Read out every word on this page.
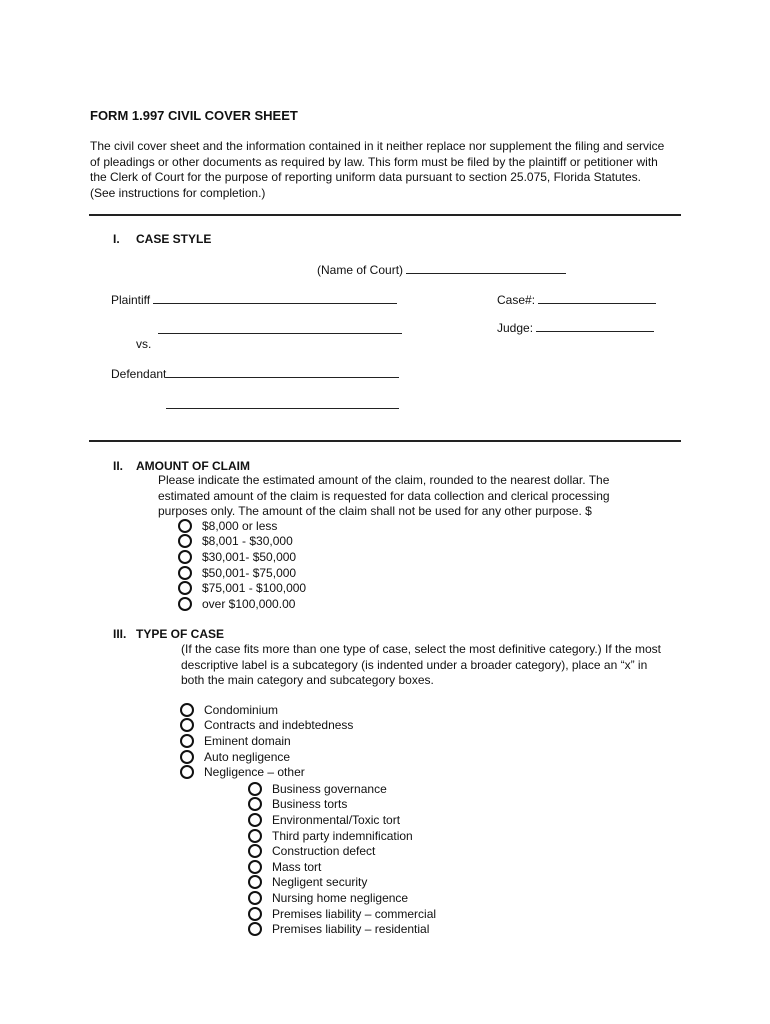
FORM 1.997 CIVIL COVER SHEET
The civil cover sheet and the information contained in it neither replace nor supplement the filing and service of pleadings or other documents as required by law. This form must be filed by the plaintiff or petitioner with the Clerk of Court for the purpose of reporting uniform data pursuant to section 25.075, Florida Statutes. (See instructions for completion.)
I. CASE STYLE
(Name of Court)
Plaintiff	Case#:
Judge:
vs.
Defendant
II. AMOUNT OF CLAIM
Please indicate the estimated amount of the claim, rounded to the nearest dollar. The estimated amount of the claim is requested for data collection and clerical processing purposes only. The amount of the claim shall not be used for any other purpose. $
$8,000 or less
$8,001 - $30,000
$30,001- $50,000
$50,001- $75,000
$75,001 - $100,000
over $100,000.00
III. TYPE OF CASE
(If the case fits more than one type of case, select the most definitive category.) If the most descriptive label is a subcategory (is indented under a broader category), place an “x” in both the main category and subcategory boxes.
Condominium
Contracts and indebtedness
Eminent domain
Auto negligence
Negligence – other
Business governance
Business torts
Environmental/Toxic tort
Third party indemnification
Construction defect
Mass tort
Negligent security
Nursing home negligence
Premises liability – commercial
Premises liability – residential
